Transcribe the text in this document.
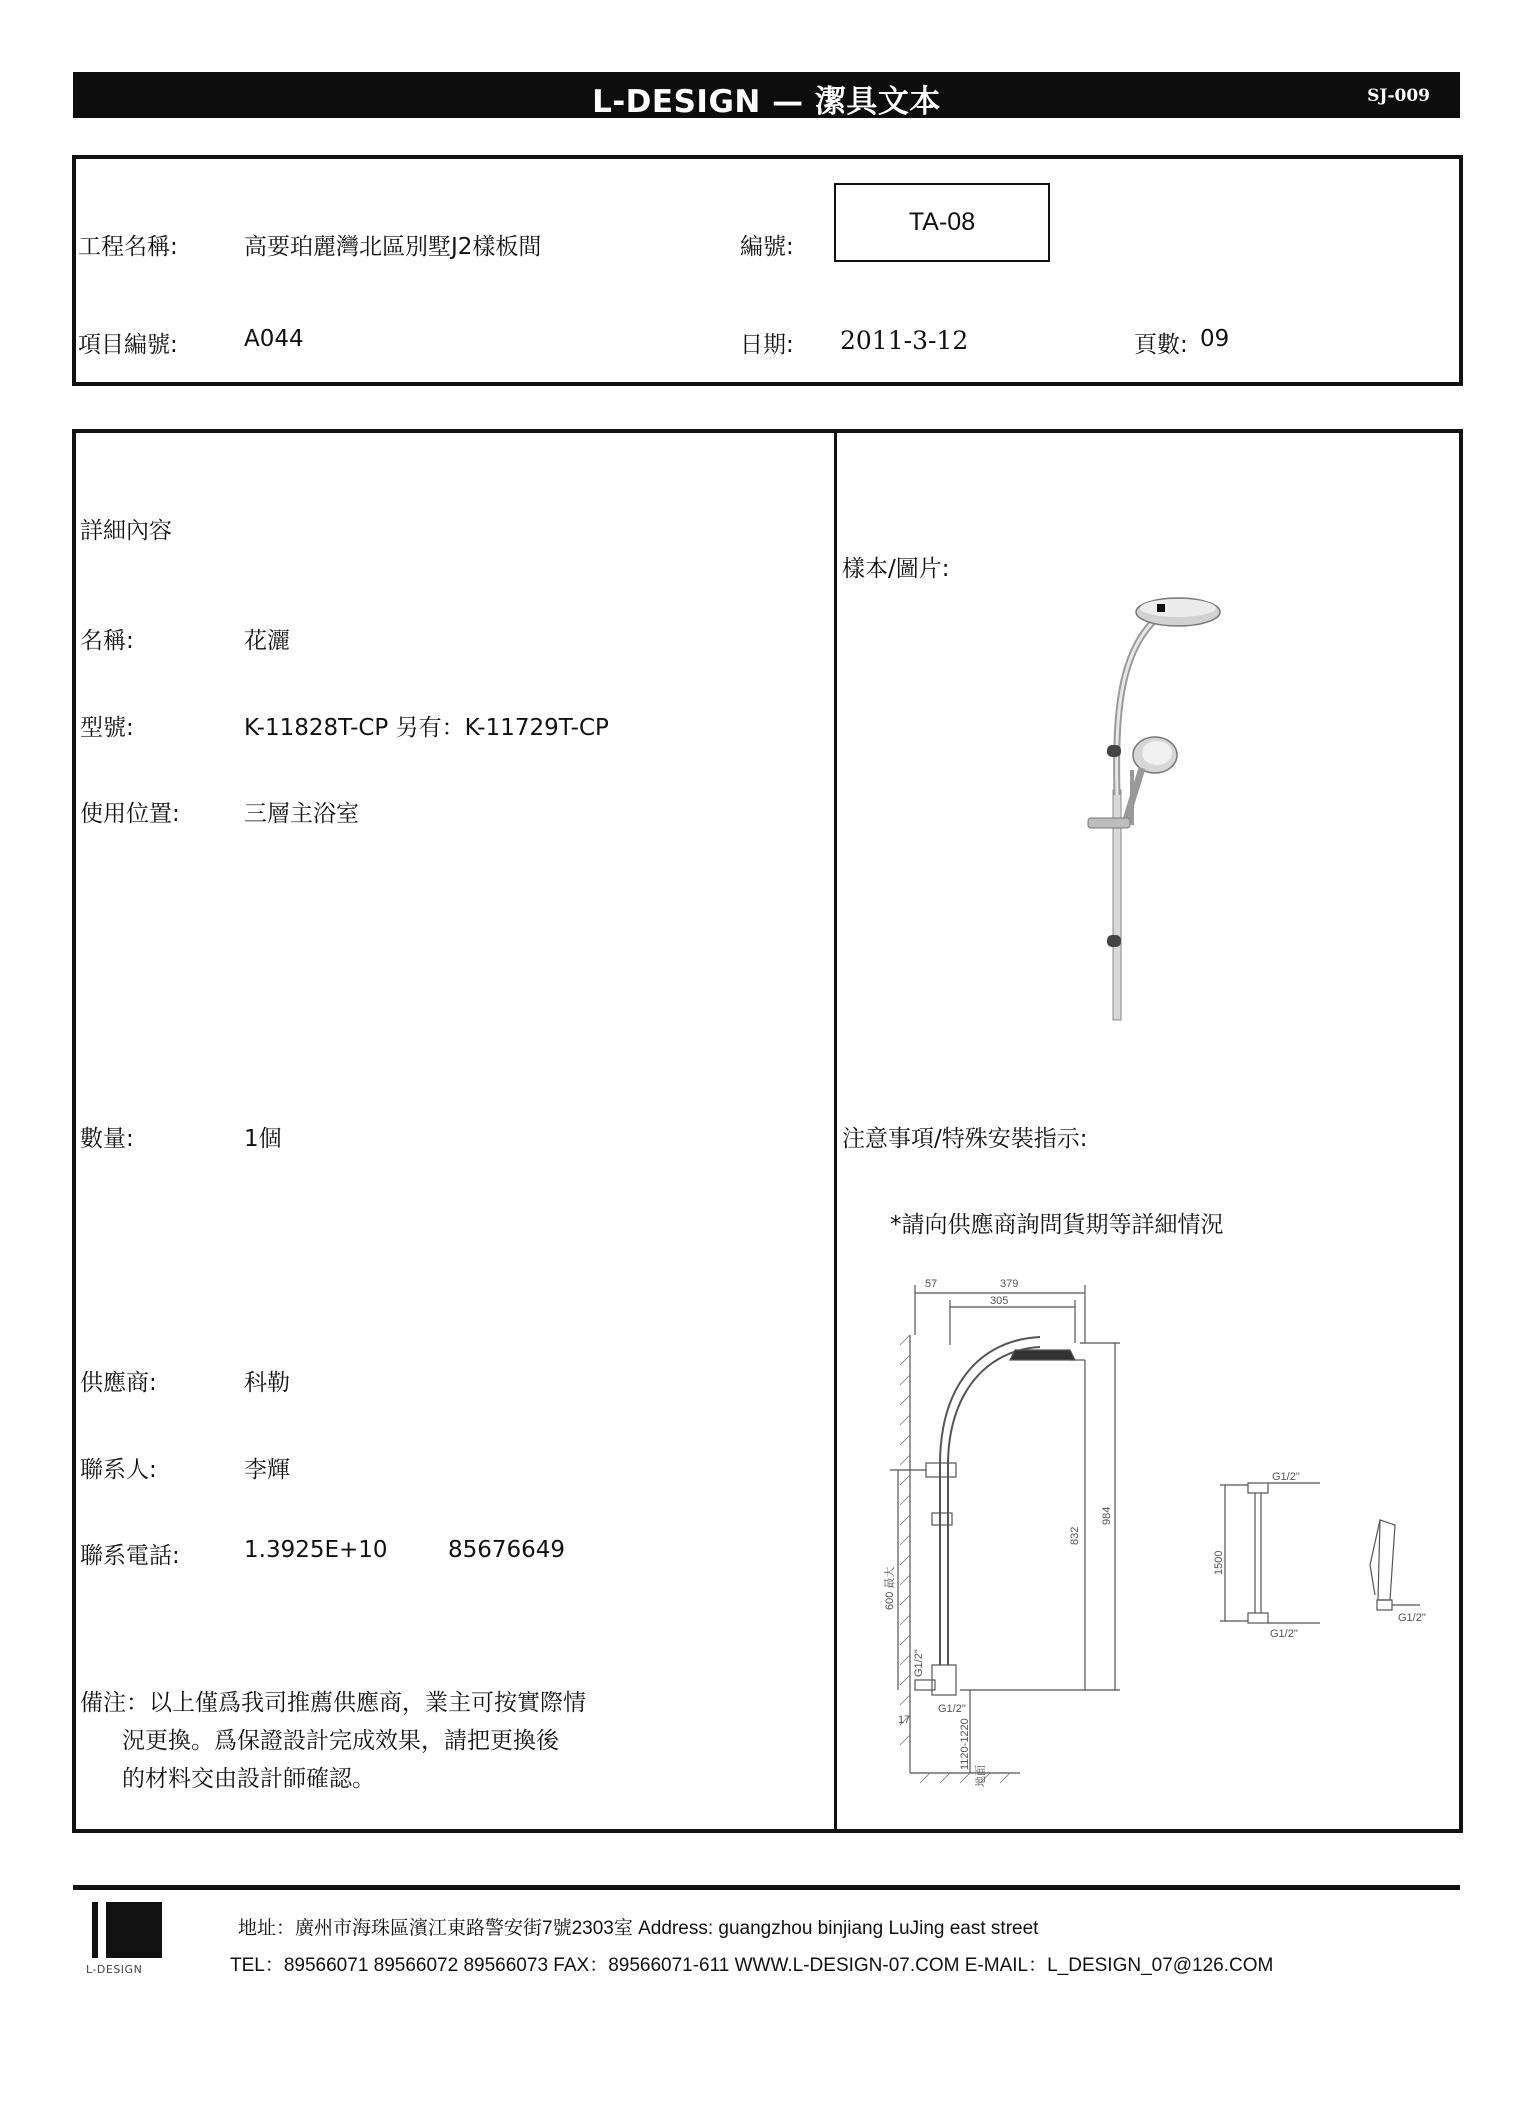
L-DESIGN — 潔具文本	SJ-009
工程名稱:	高要珀麗灣北區別墅J2樣板間	編號:
TA-08
項目編號:	A044	日期: 2011-3-12	頁數: 09
詳細內容
名稱:	花灑
型號:	K-11828T-CP 另有：K-11729T-CP
使用位置:	三層主浴室
數量:	1個
供應商:	科勒
聯系人:	李輝
聯系電話:	1.3925E+10	85676649
備注：以上僅爲我司推薦供應商，業主可按實際情
況更換。爲保證設計完成效果，請把更換後
的材料交由設計師確認。
樣本/圖片:
注意事項/特殊安裝指示:
*請向供應商詢問貨期等詳細情況
57	379
305
832
984
600 最大
G1/2"
G1/2"
17	1120-1220
地面
1500
G1/2"
G1/2"
G1/2"
L-DESIGN
地址：廣州市海珠區濱江東路警安街7號2303室 Address: guangzhou binjiang LuJing east street
TEL：89566071 89566072 89566073 FAX：89566071-611 WWW.L-DESIGN-07.COM E-MAIL：L_DESIGN_07@126.COM
